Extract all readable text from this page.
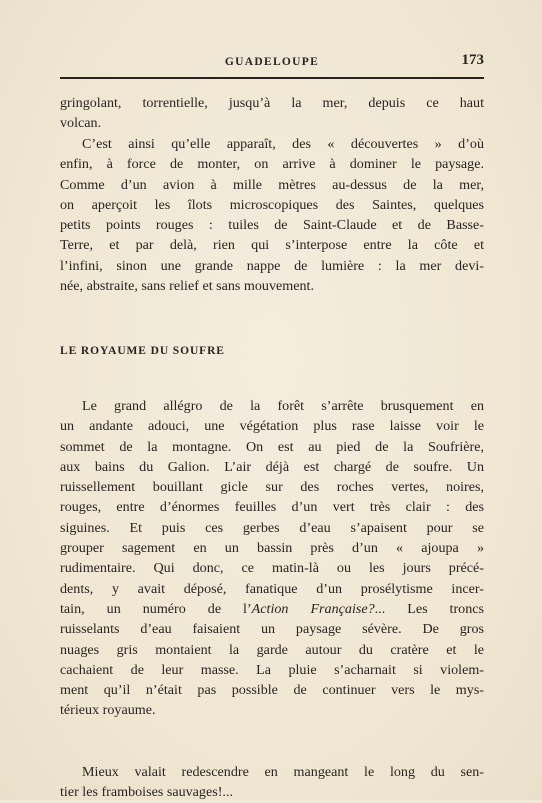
GUADELOUPE	173
gringolant, torrentielle, jusqu’à la mer, depuis ce haut
volcan.
C’est ainsi qu’elle apparaît, des « découvertes » d’où
enfin, à force de monter, on arrive à dominer le paysage.
Comme d’un avion à mille mètres au-dessus de la mer,
on aperçoit les îlots microscopiques des Saintes, quelques
petits points rouges : tuiles de Saint-Claude et de Basse-
Terre, et par delà, rien qui s’interpose entre la côte et
l’infini, sinon une grande nappe de lumière : la mer devi-
née, abstraite, sans relief et sans mouvement.
LE ROYAUME DU SOUFRE
Le grand allégro de la forêt s’arrête brusquement en
un andante adouci, une végétation plus rase laisse voir le
sommet de la montagne. On est au pied de la Soufrière,
aux bains du Galion. L’air déjà est chargé de soufre. Un
ruissellement bouillant gicle sur des roches vertes, noires,
rouges, entre d’énormes feuilles d’un vert très clair : des
siguines. Et puis ces gerbes d’eau s’apaisent pour se
grouper sagement en un bassin près d’un « ajoupa »
rudimentaire. Qui donc, ce matin-là ou les jours précé-
dents, y avait déposé, fanatique d’un prosélytisme incer-
tain, un numéro de l’Action Française?... Les troncs
ruisselants d’eau faisaient un paysage sévère. De gros
nuages gris montaient la garde autour du cratère et le
cachaient de leur masse. La pluie s’acharnait si violem-
ment qu’il n’était pas possible de continuer vers le mys-
térieux royaume.
Mieux valait redescendre en mangeant le long du sen-
tier les framboises sauvages!...
